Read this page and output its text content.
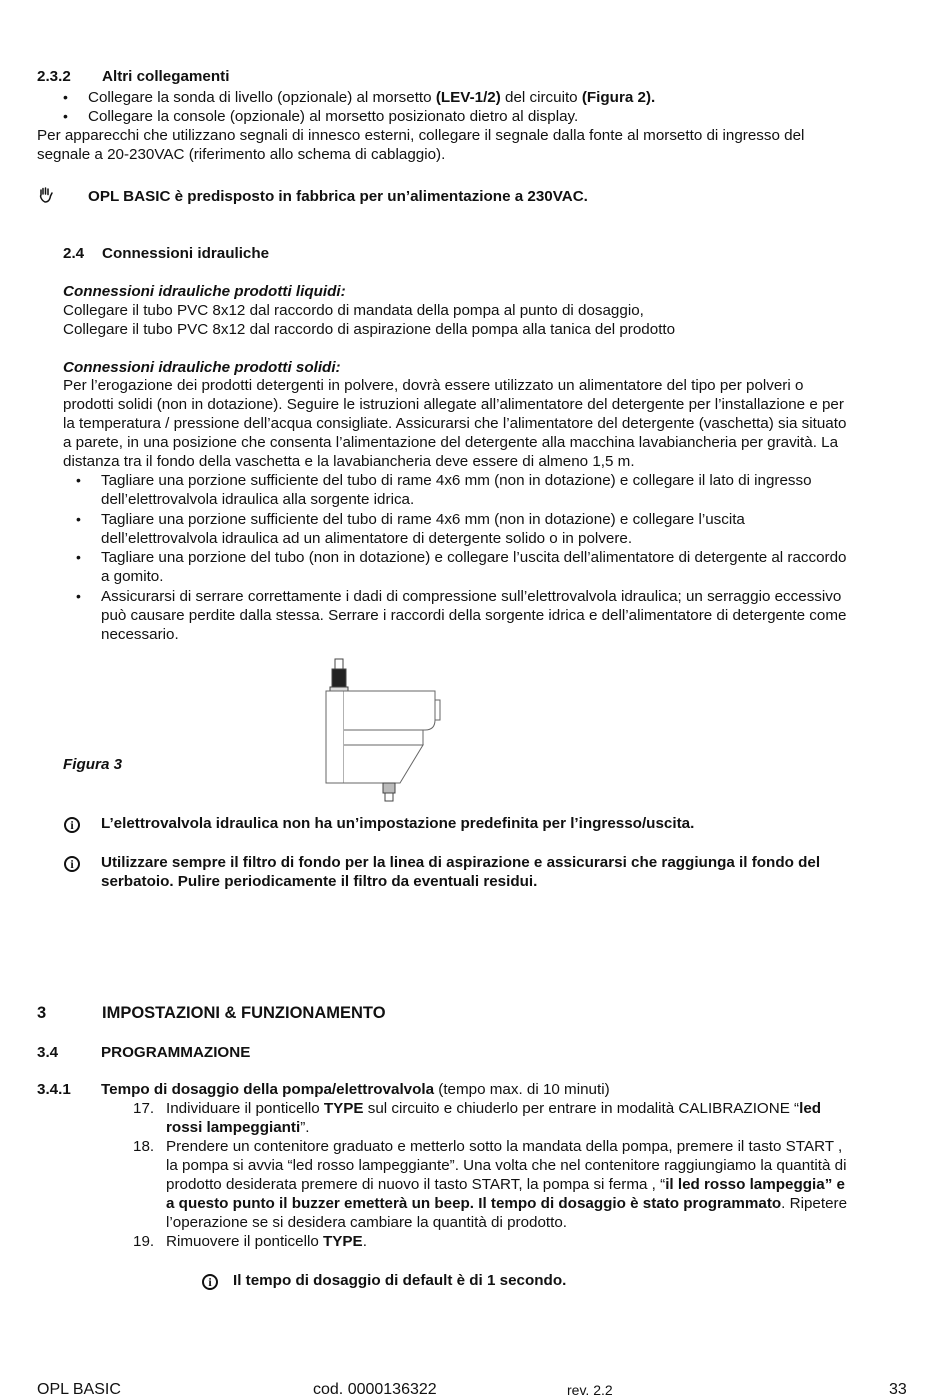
2.3.2 Altri collegamenti
• Collegare la sonda di livello (opzionale) al morsetto (LEV-1/2) del circuito (Figura 2).
• Collegare la console (opzionale) al morsetto posizionato dietro al display.
Per apparecchi che utilizzano segnali di innesco esterni, collegare il segnale dalla fonte al morsetto di ingresso del
segnale a 20-230VAC (riferimento allo schema di cablaggio).
OPL BASIC è predisposto in fabbrica per un’alimentazione a 230VAC.
2.4 Connessioni idrauliche
Connessioni idrauliche prodotti liquidi:
Collegare il tubo PVC 8x12 dal raccordo di mandata della pompa al punto di dosaggio,
Collegare il tubo PVC 8x12 dal raccordo di aspirazione della pompa alla tanica del prodotto
Connessioni idrauliche prodotti solidi:
Per l’erogazione dei prodotti detergenti in polvere, dovrà essere utilizzato un alimentatore del tipo per polveri o
prodotti solidi (non in dotazione). Seguire le istruzioni allegate all’alimentatore del detergente per l’installazione e per
la temperatura / pressione dell’acqua consigliate. Assicurarsi che l’alimentatore del detergente (vaschetta) sia situato
a parete, in una posizione che consenta l’alimentazione del detergente alla macchina lavabiancheria per gravità. La
distanza tra il fondo della vaschetta e la lavabiancheria deve essere di almeno 1,5 m.
• Tagliare una porzione sufficiente del tubo di rame 4x6 mm (non in dotazione) e collegare il lato di ingresso
dell’elettrovalvola idraulica alla sorgente idrica.
• Tagliare una porzione sufficiente del tubo di rame 4x6 mm (non in dotazione) e collegare l’uscita
dell’elettrovalvola idraulica ad un alimentatore di detergente solido o in polvere.
• Tagliare una porzione del tubo (non in dotazione) e collegare l’uscita dell’alimentatore di detergente al raccordo
a gomito.
• Assicurarsi di serrare correttamente i dadi di compressione sull’elettrovalvola idraulica; un serraggio eccessivo
può causare perdite dalla stessa. Serrare i raccordi della sorgente idrica e dell’alimentatore di detergente come
necessario.
Figura 3
i	L’elettrovalvola idraulica non ha un’impostazione predefinita per l’ingresso/uscita.
i	Utilizzare sempre il filtro di fondo per la linea di aspirazione e assicurarsi che raggiunga il fondo del
serbatoio. Pulire periodicamente il filtro da eventuali residui.
3	IMPOSTAZIONI & FUNZIONAMENTO
3.4	PROGRAMMAZIONE
3.4.1 Tempo di dosaggio della pompa/elettrovalvola (tempo max. di 10 minuti)
17. Individuare il ponticello TYPE sul circuito e chiuderlo per entrare in modalità CALIBRAZIONE “led
rossi lampeggianti”.
18. Prendere un contenitore graduato e metterlo sotto la mandata della pompa, premere il tasto START ,
la pompa si avvia “led rosso lampeggiante”. Una volta che nel contenitore raggiungiamo la quantità di
prodotto desiderata premere di nuovo il tasto START, la pompa si ferma , “il led rosso lampeggia” e
a questo punto il buzzer emetterà un beep. Il tempo di dosaggio è stato programmato. Ripetere
l’operazione se si desidera cambiare la quantità di prodotto.
19. Rimuovere il ponticello TYPE.
i	Il tempo di dosaggio di default è di 1 secondo.
OPL BASIC	cod. 0000136322	rev. 2.2	33
